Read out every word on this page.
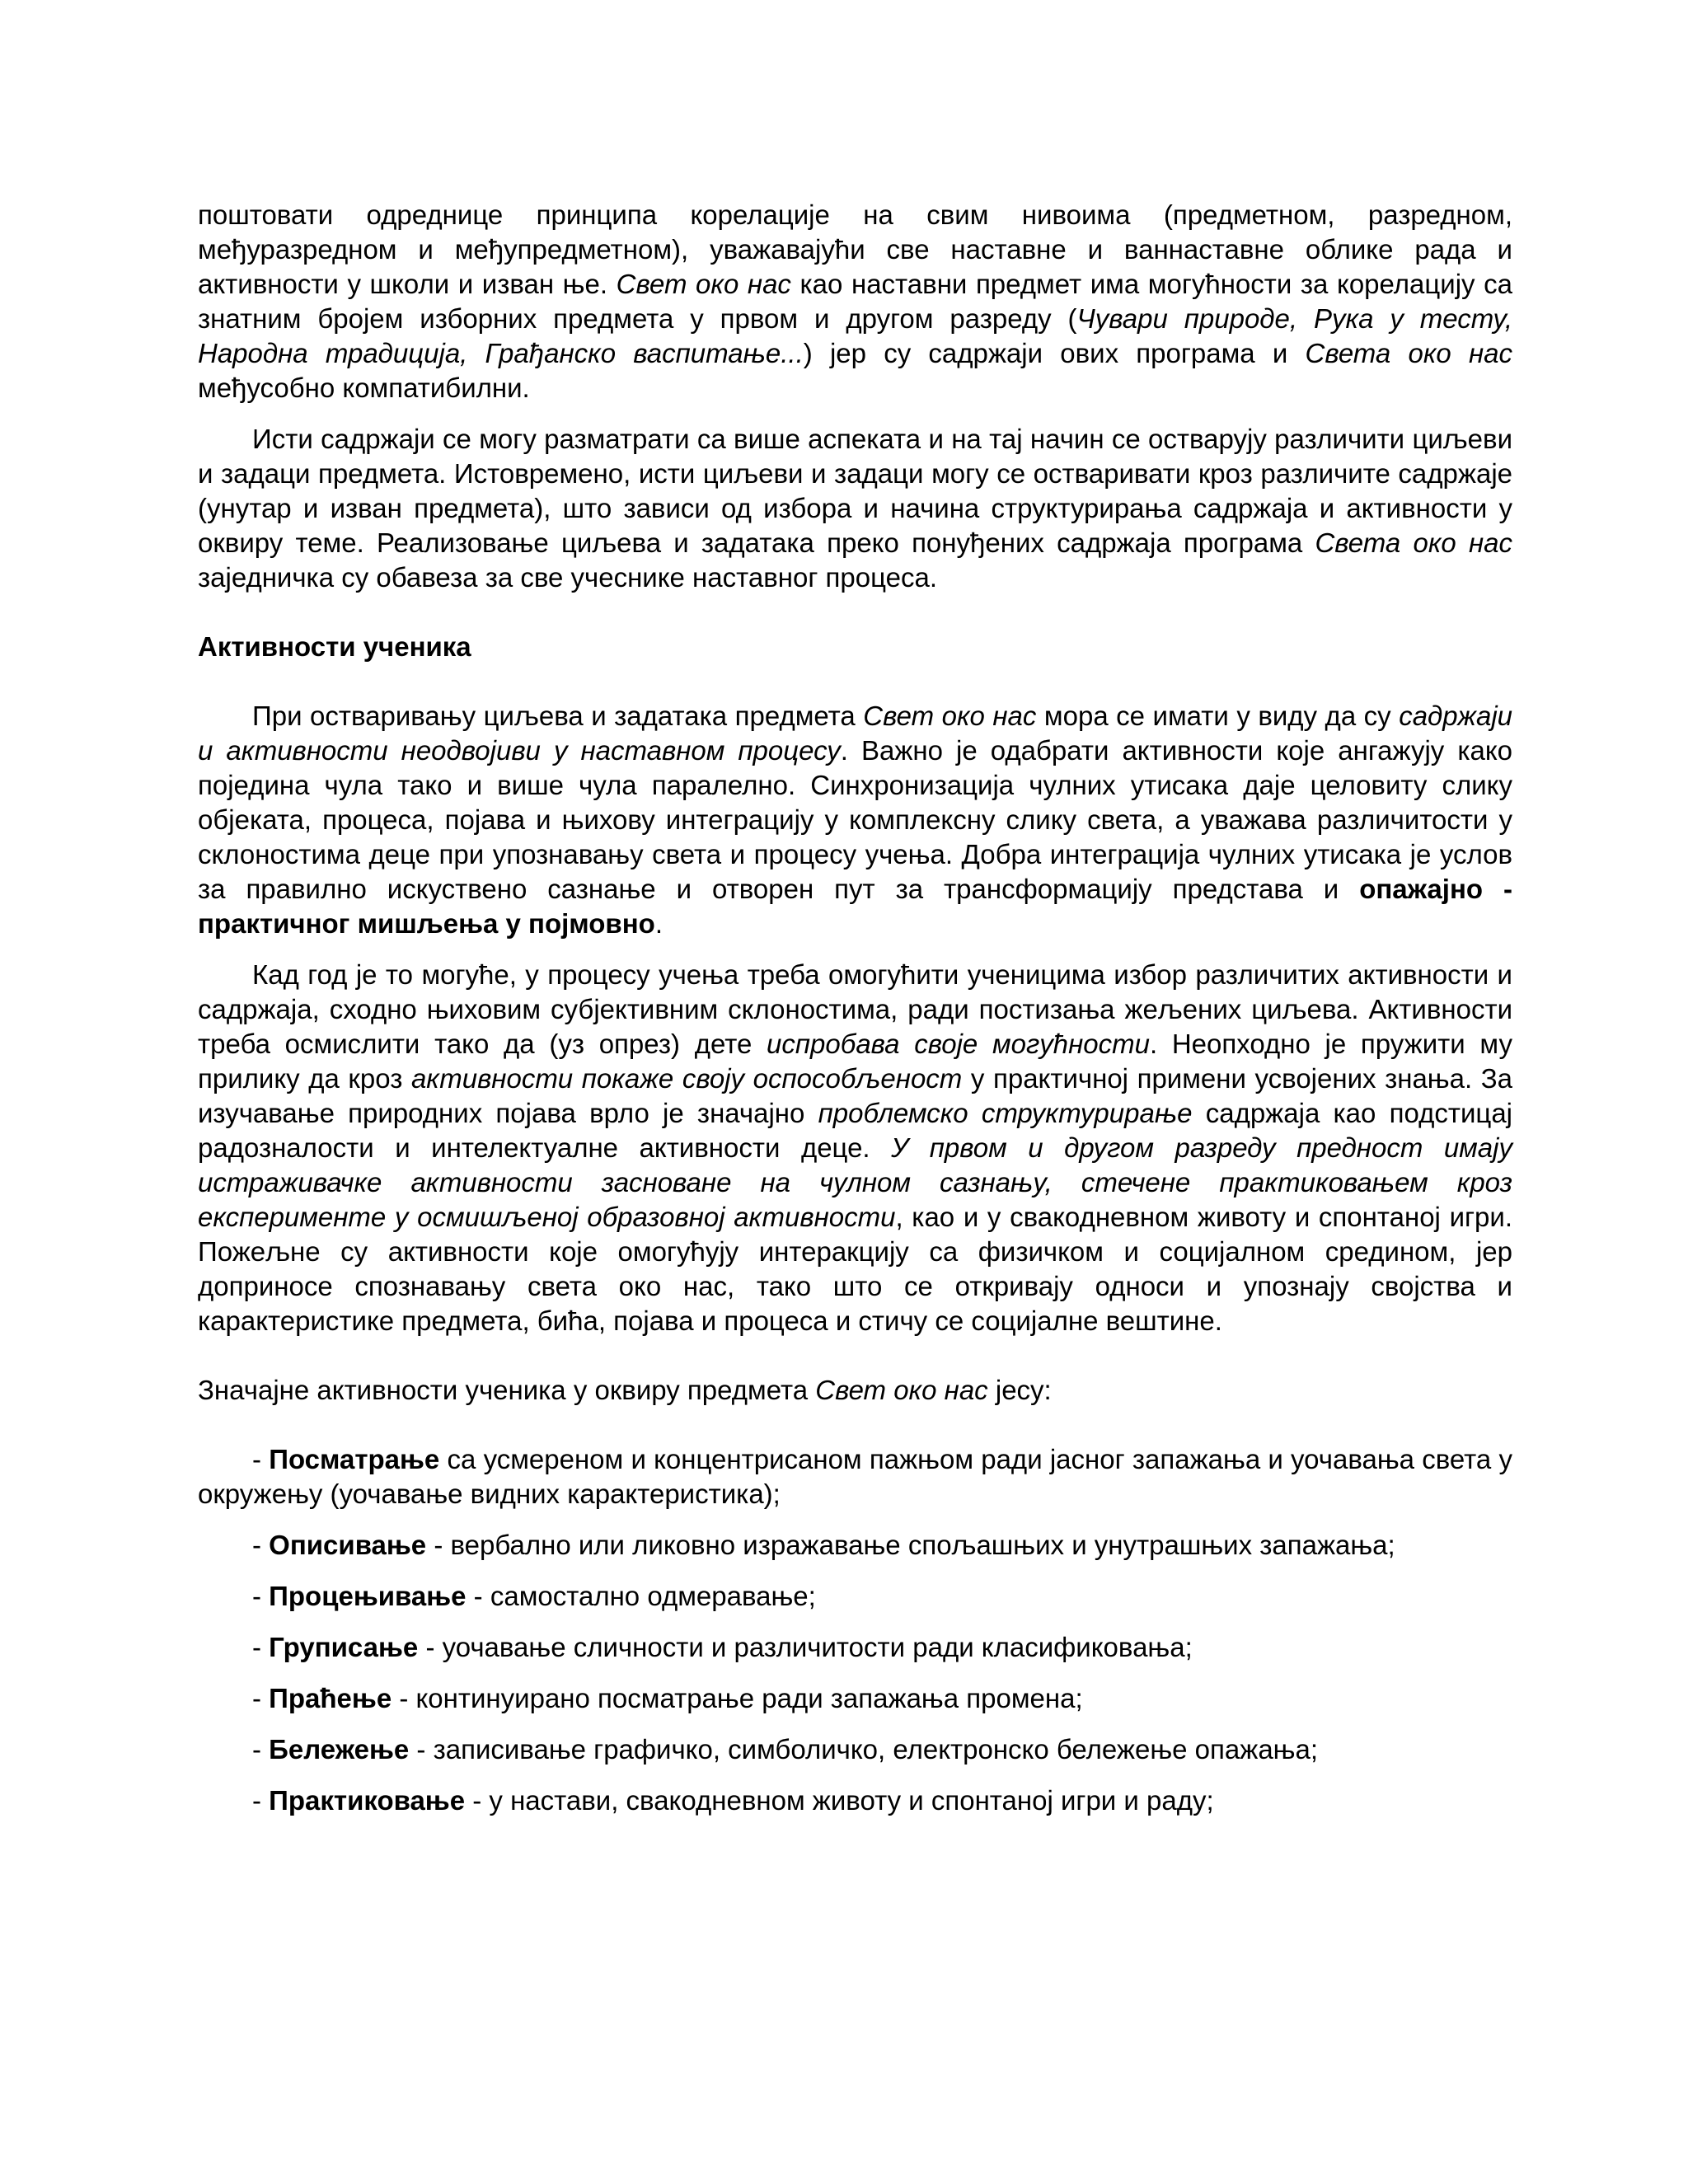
поштовати одреднице принципа корелације на свим нивоима (предметном, разредном, међуразредном и међупредметном), уважавајући све наставне и ваннаставне облике рада и активности у школи и изван ње. Свет око нас као наставни предмет има могућности за корелацију са знатним бројем изборних предмета у првом и другом разреду (Чувари природе, Рука у тесту, Народна традиција, Грађанско васпитање...) јер су садржаји ових програма и Света око нас међусобно компатибилни.

Исти садржаји се могу разматрати са више аспеката и на тај начин се остварују различити циљеви и задаци предмета. Истовремено, исти циљеви и задаци могу се остваривати кроз различите садржаје (унутар и изван предмета), што зависи од избора и начина структурирања садржаја и активности у оквиру теме. Реализовање циљева и задатака преко понуђених садржаја програма Света око нас заједничка су обавеза за све учеснике наставног процеса.

Активности ученика

При остваривању циљева и задатака предмета Свет око нас мора се имати у виду да су садржаји и активности неодвојиви у наставном процесу. Важно је одабрати активности које ангажују како појединa чула тако и више чула паралелно. Синхронизација чулних утисака даје целовиту слику објеката, процеса, појава и њихову интеграцију у комплексну слику света, а уважава различитости у склоностима деце при упознавању света и процесу учења. Добра интеграција чулних утисака је услов за правилно искуствено сазнање и отворен пут за трансформацију представа и опажајно - практичног мишљења у појмовно.

Кад год је то могуће, у процесу учења треба омогућити ученицима избор различитих активности и садржаја, сходно њиховим субјективним склоностима, ради постизања жељених циљева. Активности треба осмислити тако да (уз опрез) дете испробава своје могућности. Неопходно је пружити му прилику да кроз активности покаже своју оспособљеност у практичној примени усвојених знања. За изучавање природних појава врло је значајно проблемско структурирање садржаја као подстицај радозналости и интелектуалне активности деце. У првом и другом разреду предност имају истраживачке активности засноване на чулном сазнању, стечене практиковањем кроз експерименте у осмишљеној образовној активности, као и у свакодневном животу и спонтаној игри. Пожељне су активности које омогућују интеракцију са физичком и социјалном средином, јер доприносе спознавању света око нас, тако што се откривају односи и упознају својства и карактеристике предмета, бића, појава и процеса и стичу се социјалне вештине.

Значајне активности ученика у оквиру предмета Свет око нас јесу:

- Посматрање са усмереном и концентрисаном пажњом ради јасног запажања и уочавања света у окружењу (уочавање видних карактеристика);

- Описивање - вербално или ликовно изражавање спољашњих и унутрашњих запажања;

- Процењивање - самостално одмеравање;

- Груписање - уочавање сличности и различитости ради класификовања;

- Праћење - континуирано посматрање ради запажања промена;

- Бележење - записивање графичко, симболичко, електронско бележење опажања;

- Практиковање - у настави, свакодневном животу и спонтаној игри и раду;
